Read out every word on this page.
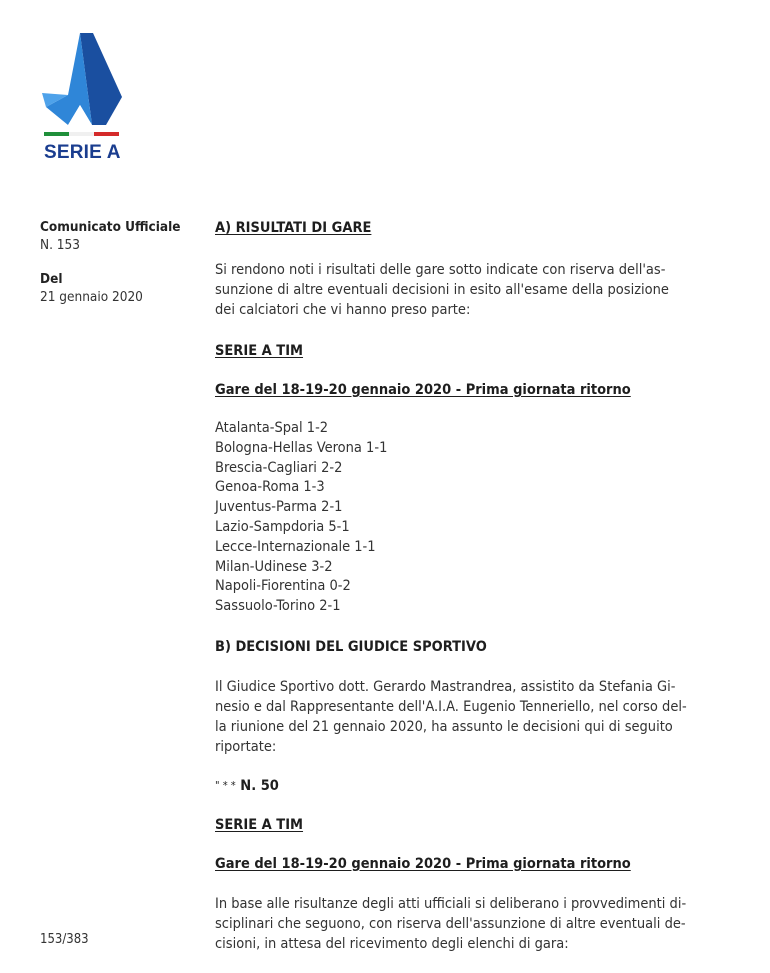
SERIE A
Comunicato Ufficiale
N. 153
Del
21 gennaio 2020
153/383
A) RISULTATI DI GARE
Si rendono noti i risultati delle gare sotto indicate con riserva dell'as-
sunzione di altre eventuali decisioni in esito all'esame della posizione
dei calciatori che vi hanno preso parte:
SERIE A TIM
Gare del 18-19-20 gennaio 2020 - Prima giornata ritorno
Atalanta-Spal 1-2
Bologna-Hellas Verona 1-1
Brescia-Cagliari 2-2
Genoa-Roma 1-3
Juventus-Parma 2-1
Lazio-Sampdoria 5-1
Lecce-Internazionale 1-1
Milan-Udinese 3-2
Napoli-Fiorentina 0-2
Sassuolo-Torino 2-1
B) DECISIONI DEL GIUDICE SPORTIVO
Il Giudice Sportivo dott. Gerardo Mastrandrea, assistito da Stefania Gi-
nesio e dal Rappresentante dell'A.I.A. Eugenio Tenneriello, nel corso del-
la riunione del 21 gennaio 2020, ha assunto le decisioni qui di seguito
riportate:
" * * N. 50
SERIE A TIM
Gare del 18-19-20 gennaio 2020 - Prima giornata ritorno
In base alle risultanze degli atti ufficiali si deliberano i provvedimenti di-
sciplinari che seguono, con riserva dell'assunzione di altre eventuali de-
cisioni, in attesa del ricevimento degli elenchi di gara:
